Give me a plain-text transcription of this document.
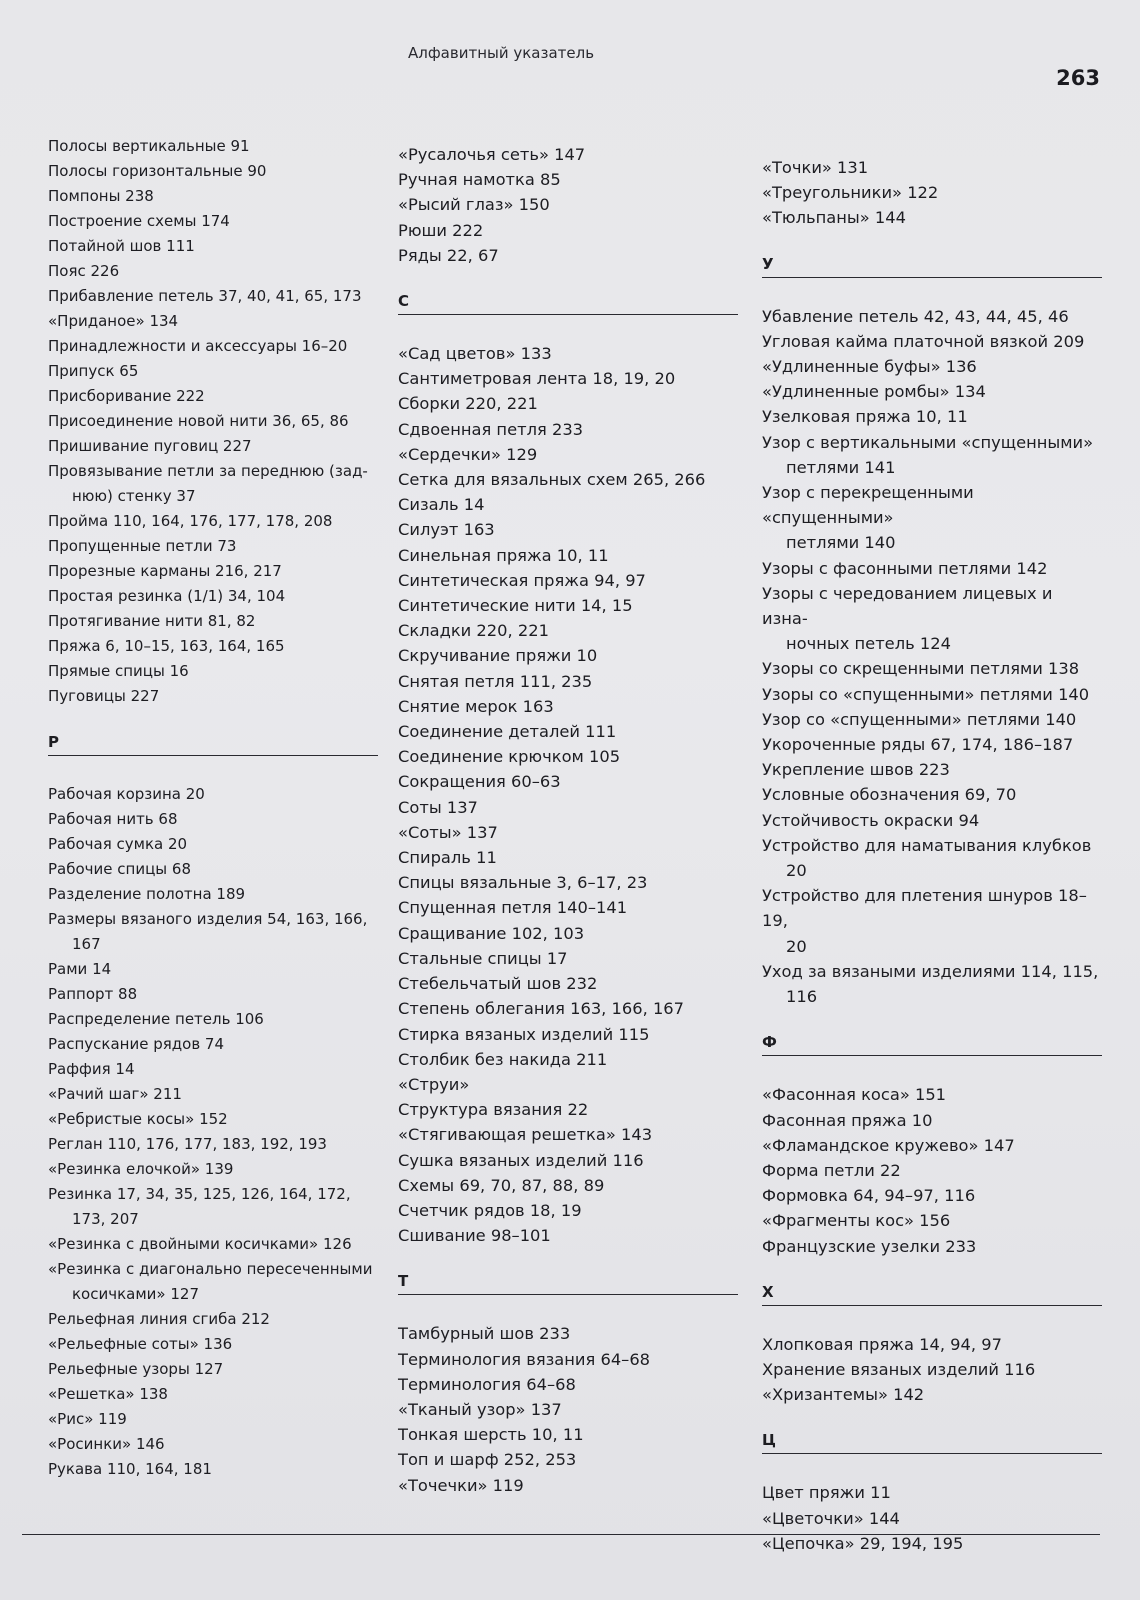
Алфавитный указатель
263
Полосы вертикальные 91
Полосы горизонтальные 90
Помпоны 238
Построение схемы 174
Потайной шов 111
Пояс 226
Прибавление петель 37, 40, 41, 65, 173
«Приданое» 134
Принадлежности и аксессуары 16–20
Припуск 65
Присборивание 222
Присоединение новой нити 36, 65, 86
Пришивание пуговиц 227
Провязывание петли за переднюю (зад-
нюю) стенку 37
Пройма 110, 164, 176, 177, 178, 208
Пропущенные петли 73
Прорезные карманы 216, 217
Простая резинка (1/1) 34, 104
Протягивание нити 81, 82
Пряжа 6, 10–15, 163, 164, 165
Прямые спицы 16
Пуговицы 227
Р
Рабочая корзина 20
Рабочая нить 68
Рабочая сумка 20
Рабочие спицы 68
Разделение полотна 189
Размеры вязаного изделия 54, 163, 166,
167
Рами 14
Раппорт 88
Распределение петель 106
Распускание рядов 74
Раффия 14
«Рачий шаг» 211
«Ребристые косы» 152
Реглан 110, 176, 177, 183, 192, 193
«Резинка елочкой» 139
Резинка 17, 34, 35, 125, 126, 164, 172,
173, 207
«Резинка с двойными косичками» 126
«Резинка с диагонально пересеченными
косичками» 127
Рельефная линия сгиба 212
«Рельефные соты» 136
Рельефные узоры 127
«Решетка» 138
«Рис» 119
«Росинки» 146
Рукава 110, 164, 181
«Русалочья сеть» 147
Ручная намотка 85
«Рысий глаз» 150
Рюши 222
Ряды 22, 67
С
«Сад цветов» 133
Сантиметровая лента 18, 19, 20
Сборки 220, 221
Сдвоенная петля 233
«Сердечки» 129
Сетка для вязальных схем 265, 266
Сизаль 14
Силуэт 163
Синельная пряжа 10, 11
Синтетическая пряжа 94, 97
Синтетические нити 14, 15
Складки 220, 221
Скручивание пряжи 10
Снятая петля 111, 235
Снятие мерок 163
Соединение деталей 111
Соединение крючком 105
Сокращения 60–63
Соты 137
«Соты» 137
Спираль 11
Спицы вязальные 3, 6–17, 23
Спущенная петля 140–141
Сращивание 102, 103
Стальные спицы 17
Стебельчатый шов 232
Степень облегания 163, 166, 167
Стирка вязаных изделий 115
Столбик без накида 211
«Струи»
Структура вязания 22
«Стягивающая решетка» 143
Сушка вязаных изделий 116
Схемы 69, 70, 87, 88, 89
Счетчик рядов 18, 19
Сшивание 98–101
Т
Тамбурный шов 233
Терминология вязания 64–68
Терминология 64–68
«Тканый узор» 137
Тонкая шерсть 10, 11
Топ и шарф 252, 253
«Точечки» 119
«Точки» 131
«Треугольники» 122
«Тюльпаны» 144
У
Убавление петель 42, 43, 44, 45, 46
Угловая кайма платочной вязкой 209
«Удлиненные буфы» 136
«Удлиненные ромбы» 134
Узелковая пряжа 10, 11
Узор с вертикальными «спущенными»
петлями 141
Узор с перекрещенными «спущенными»
петлями 140
Узоры с фасонными петлями 142
Узоры с чередованием лицевых и изна-
ночных петель 124
Узоры со скрещенными петлями 138
Узоры со «спущенными» петлями 140
Узор со «спущенными» петлями 140
Укороченные ряды 67, 174, 186–187
Укрепление швов 223
Условные обозначения 69, 70
Устойчивость окраски 94
Устройство для наматывания клубков
20
Устройство для плетения шнуров 18–19,
20
Уход за вязаными изделиями 114, 115,
116
Ф
«Фасонная коса» 151
Фасонная пряжа 10
«Фламандское кружево» 147
Форма петли 22
Формовка 64, 94–97, 116
«Фрагменты кос» 156
Французские узелки 233
Х
Хлопковая пряжа 14, 94, 97
Хранение вязаных изделий 116
«Хризантемы» 142
Ц
Цвет пряжи 11
«Цветочки» 144
«Цепочка» 29, 194, 195
